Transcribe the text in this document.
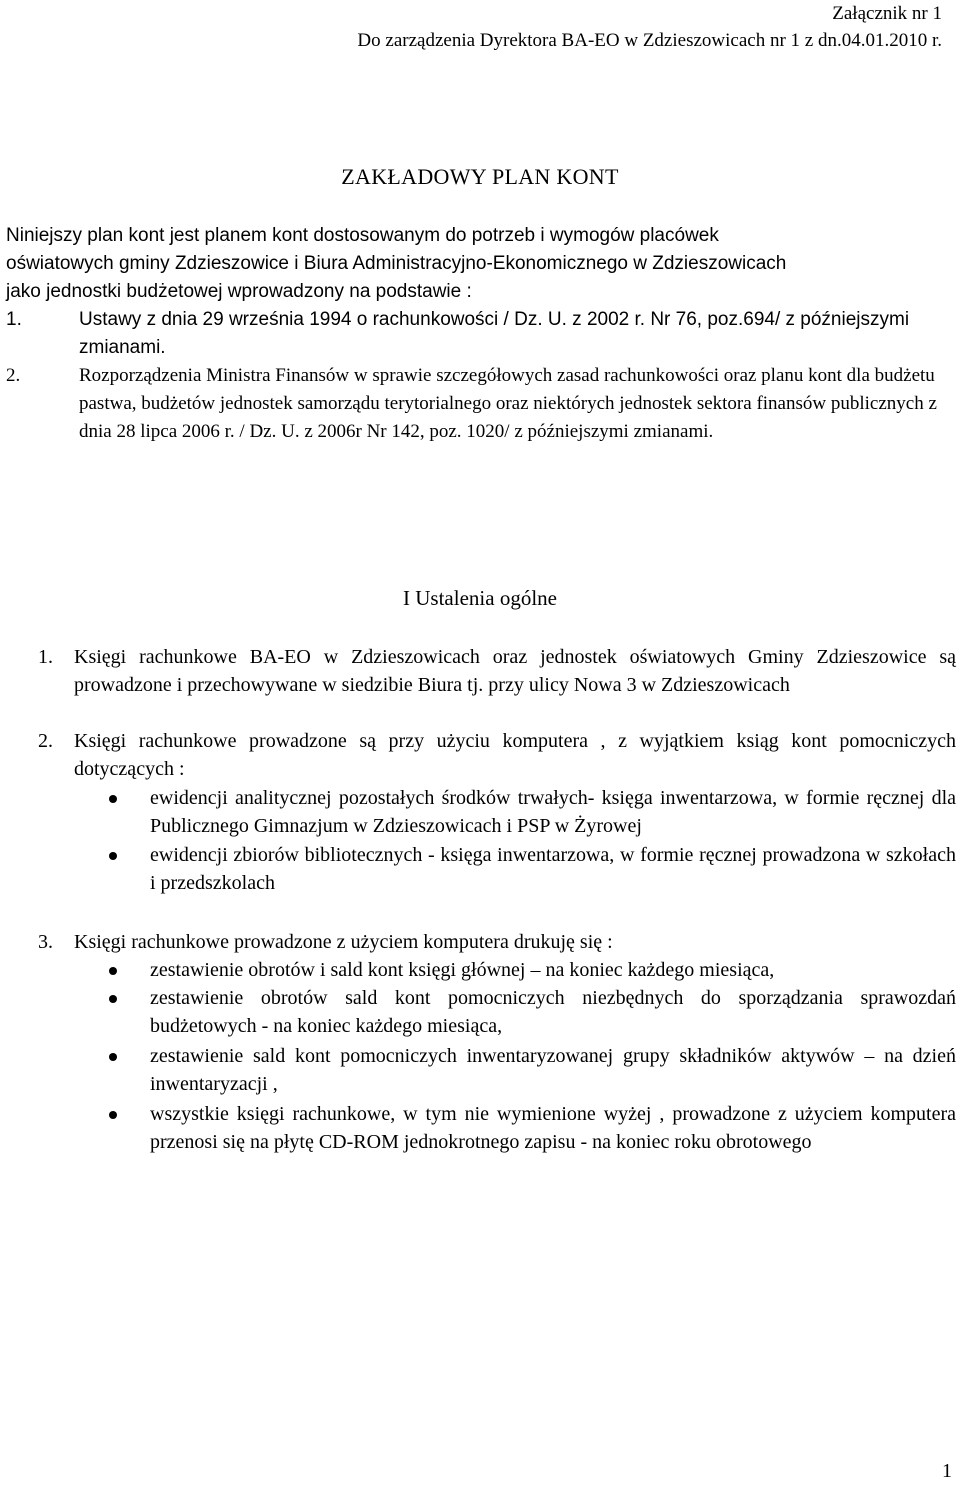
Załącznik nr 1
Do zarządzenia Dyrektora BA-EO w Zdzieszowicach nr 1 z dn.04.01.2010 r.
ZAKŁADOWY PLAN KONT
Niniejszy plan kont jest planem kont dostosowanym do potrzeb i wymogów placówek
oświatowych gminy Zdzieszowice i Biura Administracyjno-Ekonomicznego w Zdzieszowicach
jako jednostki budżetowej wprowadzony na podstawie :
1.	Ustawy z dnia 29 września 1994 o rachunkowości / Dz. U. z 2002 r. Nr 76, poz.694/ z późniejszymi zmianami.
2.	Rozporządzenia Ministra Finansów w sprawie szczegółowych zasad rachunkowości oraz planu kont dla budżetu pastwa, budżetów jednostek samorządu terytorialnego oraz niektórych jednostek sektora finansów publicznych z dnia 28 lipca 2006 r. / Dz. U. z 2006r Nr 142, poz. 1020/ z późniejszymi zmianami.
I Ustalenia ogólne
1. Księgi rachunkowe BA-EO w Zdzieszowicach oraz jednostek oświatowych Gminy Zdzieszowice są prowadzone i przechowywane w siedzibie Biura tj. przy ulicy Nowa 3 w Zdzieszowicach
2. Księgi rachunkowe prowadzone są przy użyciu komputera , z wyjątkiem ksiąg kont pomocniczych dotyczących :
ewidencji analitycznej pozostałych środków trwałych- księga inwentarzowa, w formie ręcznej dla Publicznego Gimnazjum w Zdzieszowicach i PSP w Żyrowej
ewidencji zbiorów bibliotecznych - księga inwentarzowa, w formie ręcznej prowadzona w szkołach i przedszkolach
3. Księgi rachunkowe prowadzone z użyciem komputera drukuję się :
zestawienie obrotów i sald kont księgi głównej – na koniec każdego miesiąca,
zestawienie obrotów sald kont pomocniczych niezbędnych do sporządzania sprawozdań budżetowych - na koniec każdego miesiąca,
zestawienie sald kont pomocniczych inwentaryzowanej grupy składników aktywów – na dzień inwentaryzacji ,
wszystkie księgi rachunkowe, w tym nie wymienione wyżej , prowadzone z użyciem komputera przenosi się na płytę CD-ROM jednokrotnego zapisu - na koniec roku obrotowego
1
